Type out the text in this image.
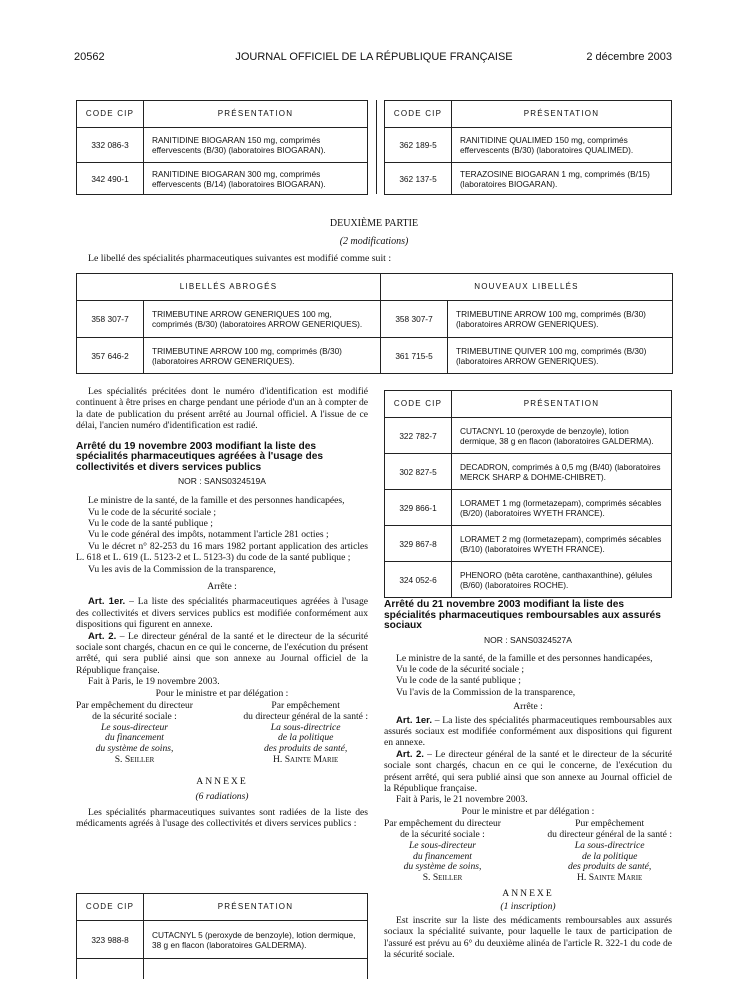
20562	JOURNAL OFFICIEL DE LA RÉPUBLIQUE FRANÇAISE	2 décembre 2003
CODE CIP	PRÉSENTATION
332 086-3	RANITIDINE BIOGARAN 150 mg, comprimés effervescents (B/30) (laboratoires BIOGARAN).
342 490-1	RANITIDINE BIOGARAN 300 mg, comprimés effervescents (B/14) (laboratoires BIOGARAN).
CODE CIP	PRÉSENTATION
362 189-5	RANITIDINE QUALIMED 150 mg, comprimés effervescents (B/30) (laboratoires QUALIMED).
362 137-5	TERAZOSINE BIOGARAN 1 mg, comprimés (B/15) (laboratoires BIOGARAN).
DEUXIÈME PARTIE
(2 modifications)
Le libellé des spécialités pharmaceutiques suivantes est modifié comme suit :
LIBELLÉS ABROGÉS		NOUVEAUX LIBELLÉS	
358 307-7	TRIMEBUTINE ARROW GENERIQUES 100 mg, comprimés (B/30) (laboratoires ARROW GENERIQUES).	358 307-7	TRIMEBUTINE ARROW 100 mg, comprimés (B/30) (laboratoires ARROW GENERIQUES).
357 646-2	TRIMEBUTINE ARROW 100 mg, comprimés (B/30) (laboratoires ARROW GENERIQUES).	361 715-5	TRIMEBUTINE QUIVER 100 mg, comprimés (B/30) (laboratoires ARROW GENERIQUES).

Les spécialités précitées dont le numéro d'identification est modifié continuent à être prises en charge pendant une période d'un an à compter de la date de publication du présent arrêté au Journal officiel. A l'issue de ce délai, l'ancien numéro d'identification est radié.

Arrêté du 19 novembre 2003 modifiant la liste des spécialités pharmaceutiques agréées à l'usage des collectivités et divers services publics
NOR : SANS0324519A

Le ministre de la santé, de la famille et des personnes handicapées,

Vu le code de la sécurité sociale ;

Vu le code de la santé publique ;

Vu le code général des impôts, notamment l'article 281 octies ;

Vu le décret n° 82-253 du 16 mars 1982 portant application des articles L. 618 et L. 619 (L. 5123-2 et L. 5123-3) du code de la santé publique ;

Vu les avis de la Commission de la transparence,

Arrête :

Art. 1er. – La liste des spécialités pharmaceutiques agréées à l'usage des collectivités et divers services publics est modifiée conformément aux dispositions qui figurent en annexe.

Art. 2. – Le directeur général de la santé et le directeur de la sécurité sociale sont chargés, chacun en ce qui le concerne, de l'exécution du présent arrêté, qui sera publié ainsi que son annexe au Journal officiel de la République française.

Fait à Paris, le 19 novembre 2003.

Pour le ministre et par délégation :

Par empêchement du directeur
de la sécurité sociale :
Le sous-directeur
du financement
du système de soins,
S. Seiller
Par empêchement
du directeur général de la santé :
La sous-directrice
de la politique
des produits de santé,
H. Sainte Marie

ANNEXE

(6 radiations)

Les spécialités pharmaceutiques suivantes sont radiées de la liste des médicaments agréés à l'usage des collectivités et divers services publics :

CODE CIP	PRÉSENTATION
323 988-8	CUTACNYL 5 (peroxyde de benzoyle), lotion dermique, 38 g en flacon (laboratoires GALDERMA).

CODE CIP	PRÉSENTATION
322 782-7	CUTACNYL 10 (peroxyde de benzoyle), lotion dermique, 38 g en flacon (laboratoires GALDERMA).
302 827-5	DECADRON, comprimés à 0,5 mg (B/40) (laboratoires MERCK SHARP & DOHME-CHIBRET).
329 866-1	LORAMET 1 mg (lormetazepam), comprimés sécables (B/20) (laboratoires WYETH FRANCE).
329 867-8	LORAMET 2 mg (lormetazepam), comprimés sécables (B/10) (laboratoires WYETH FRANCE).
324 052-6	PHENORO (bêta carotène, canthaxanthine), gélules (B/60) (laboratoires ROCHE).
Arrêté du 21 novembre 2003 modifiant la liste des spécialités pharmaceutiques remboursables aux assurés sociaux
NOR : SANS0324527A

Le ministre de la santé, de la famille et des personnes handicapées,

Vu le code de la sécurité sociale ;

Vu le code de la santé publique ;

Vu l'avis de la Commission de la transparence,

Arrête :

Art. 1er. – La liste des spécialités pharmaceutiques remboursables aux assurés sociaux est modifiée conformément aux dispositions qui figurent en annexe.

Art. 2. – Le directeur général de la santé et le directeur de la sécurité sociale sont chargés, chacun en ce qui le concerne, de l'exécution du présent arrêté, qui sera publié ainsi que son annexe au Journal officiel de la République française.

Fait à Paris, le 21 novembre 2003.

Pour le ministre et par délégation :

Par empêchement du directeur
de la sécurité sociale :
Le sous-directeur
du financement
du système de soins,
S. Seiller
Pur empêchement
du directeur général de la santé :
La sous-directrice
de la politique
des produits de santé,
H. Sainte Marie

ANNEXE

(1 inscription)

Est inscrite sur la liste des médicaments remboursables aux assurés sociaux la spécialité suivante, pour laquelle le taux de participation de l'assuré est prévu au 6° du deuxième alinéa de l'article R. 322-1 du code de la sécurité sociale.
